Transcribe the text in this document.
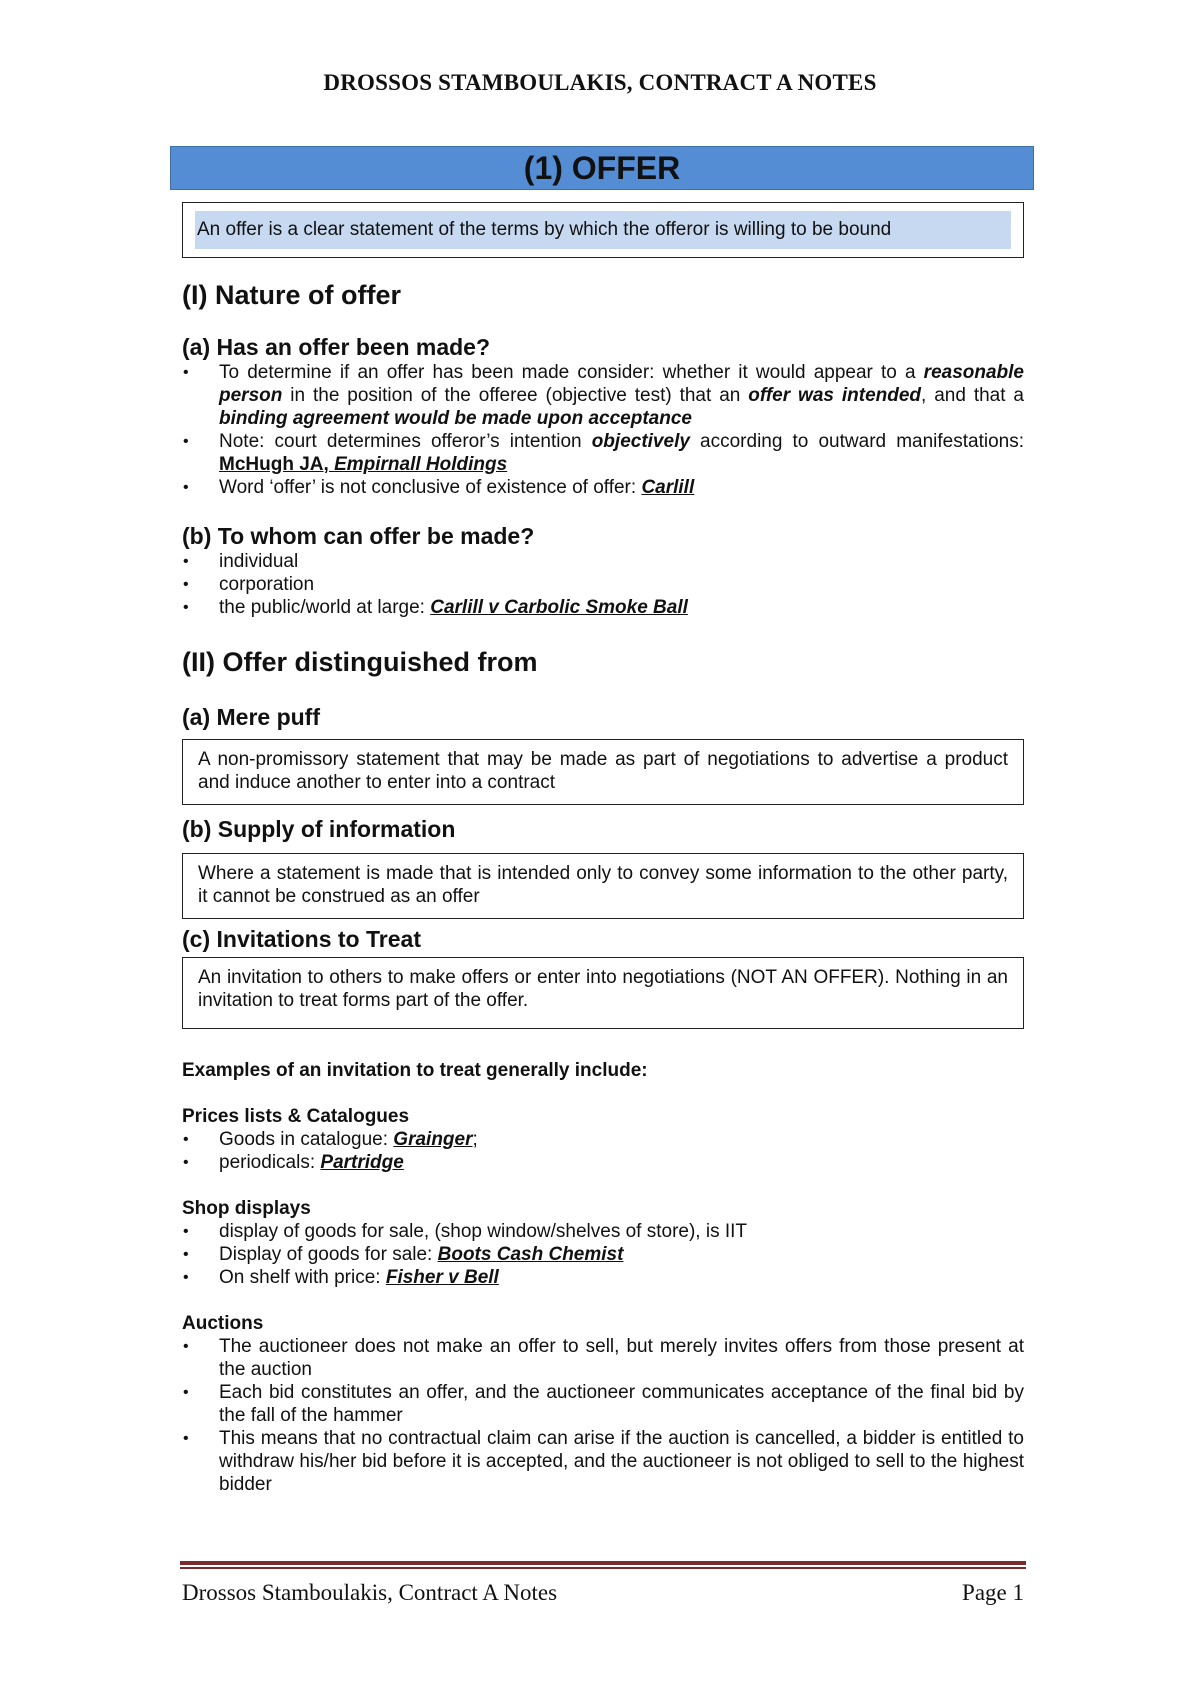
DROSSOS STAMBOULAKIS, CONTRACT A NOTES
(1) OFFER
An offer is a clear statement of the terms by which the offeror is willing to be bound
(I) Nature of offer
(a) Has an offer been made?
• To determine if an offer has been made consider: whether it would appear to a reasonable person in the position of the offeree (objective test) that an offer was intended, and that a binding agreement would be made upon acceptance
• Note: court determines offeror’s intention objectively according to outward manifestations: McHugh JA, Empirnall Holdings
• Word ‘offer’ is not conclusive of existence of offer: Carlill
(b) To whom can offer be made?
• individual
• corporation
• the public/world at large: Carlill v Carbolic Smoke Ball
(II) Offer distinguished from
(a) Mere puff
A non-promissory statement that may be made as part of negotiations to advertise a product and induce another to enter into a contract
(b) Supply of information
Where a statement is made that is intended only to convey some information to the other party, it cannot be construed as an offer
(c) Invitations to Treat
An invitation to others to make offers or enter into negotiations (NOT AN OFFER). Nothing in an invitation to treat forms part of the offer.
Examples of an invitation to treat generally include:
Prices lists & Catalogues
• Goods in catalogue: Grainger;
• periodicals: Partridge
Shop displays
• display of goods for sale, (shop window/shelves of store), is IIT
• Display of goods for sale: Boots Cash Chemist
• On shelf with price: Fisher v Bell
Auctions
• The auctioneer does not make an offer to sell, but merely invites offers from those present at the auction
• Each bid constitutes an offer, and the auctioneer communicates acceptance of the final bid by the fall of the hammer
• This means that no contractual claim can arise if the auction is cancelled, a bidder is entitled to withdraw his/her bid before it is accepted, and the auctioneer is not obliged to sell to the highest bidder
Drossos Stamboulakis, Contract A Notes	Page 1
